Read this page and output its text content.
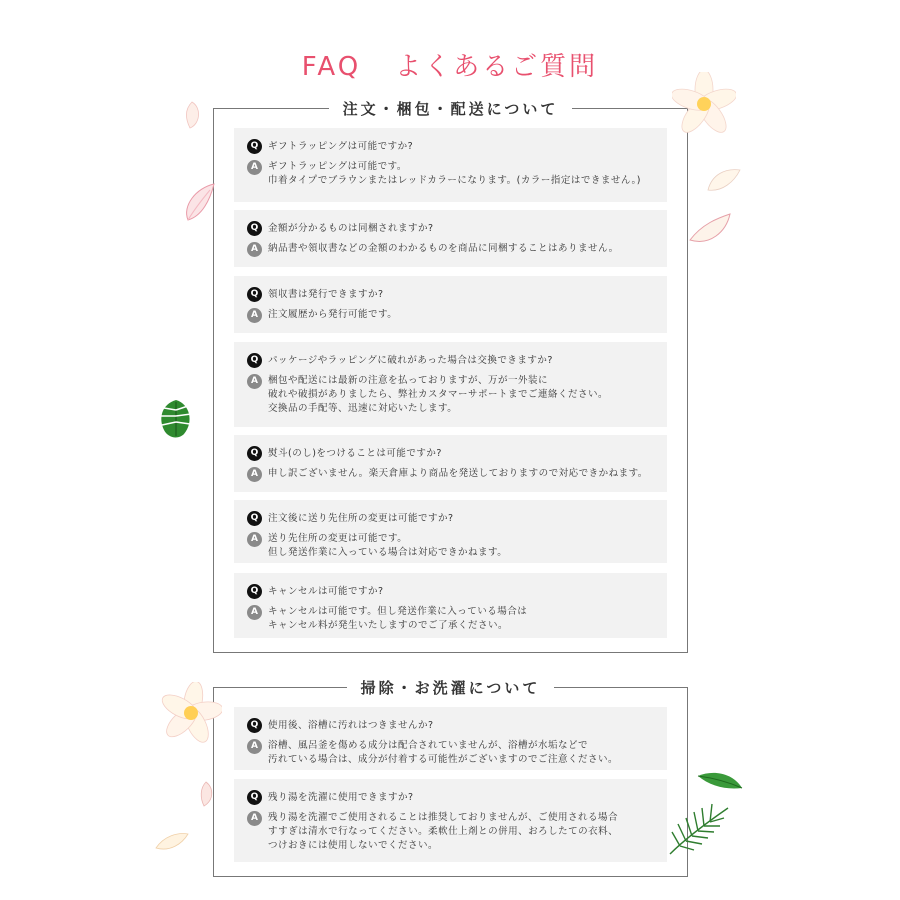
FAQ よくあるご質問
注文・梱包・配送について
Q	ギフトラッピングは可能ですか?
A	ギフトラッピングは可能です。
巾着タイプでブラウンまたはレッドカラーになります。(カラー指定はできません。)
Q	金額が分かるものは同梱されますか?
A	納品書や領収書などの金額のわかるものを商品に同梱することはありません。
Q	領収書は発行できますか?
A	注文履歴から発行可能です。
Q	パッケージやラッピングに破れがあった場合は交換できますか?
A	梱包や配送には最新の注意を払っておりますが、万が一外装に
破れや破損がありましたら、弊社カスタマーサポートまでご連絡ください。
交換品の手配等、迅速に対応いたします。
Q	熨斗(のし)をつけることは可能ですか?
A	申し訳ございません。楽天倉庫より商品を発送しておりますので対応できかねます。
Q	注文後に送り先住所の変更は可能ですか?
A	送り先住所の変更は可能です。
但し発送作業に入っている場合は対応できかねます。
Q	キャンセルは可能ですか?
A	キャンセルは可能です。但し発送作業に入っている場合は
キャンセル料が発生いたしますのでご了承ください。
掃除・お洗濯について
Q	使用後、浴槽に汚れはつきませんか?
A	浴槽、風呂釜を傷める成分は配合されていませんが、浴槽が水垢などで
汚れている場合は、成分が付着する可能性がございますのでご注意ください。
Q	残り湯を洗濯に使用できますか?
A	残り湯を洗濯でご使用されることは推奨しておりませんが、ご使用される場合
すすぎは清水で行なってください。柔軟仕上剤との併用、おろしたての衣料、
つけおきには使用しないでください。
